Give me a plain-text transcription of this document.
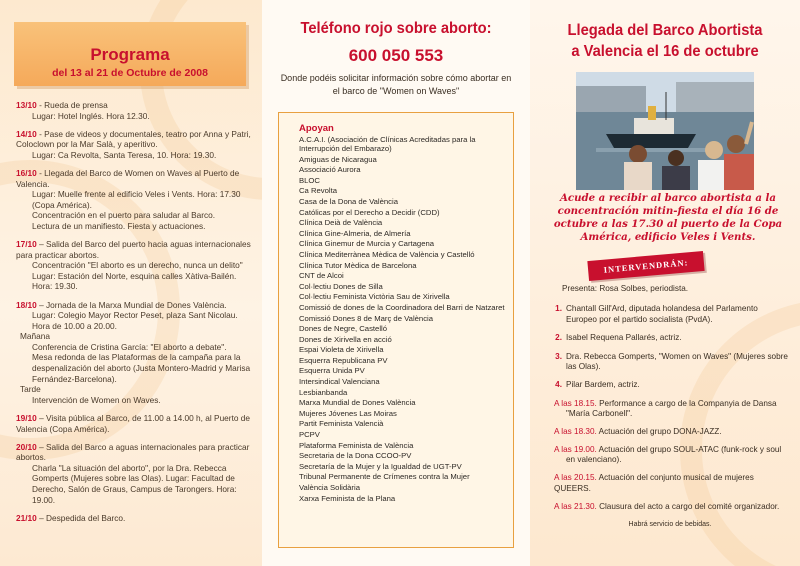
Programa
del 13 al 21 de Octubre de 2008
13/10 - Rueda de prensa
Lugar: Hotel Inglés. Hora 12.30.
14/10 - Pase de videos y documentales, teatro por Anna y Patri, Coloclown por la Mar Salà, y aperitivo.
Lugar: Ca Revolta, Santa Teresa, 10. Hora: 19.30.
16/10 - Llegada del Barco de Women on Waves al Puerto de Valencia.
Lugar: Muelle frente al edificio Veles i Vents. Hora: 17.30 (Copa América).
Concentración en el puerto para saludar al Barco.
Lectura de un manifiesto. Fiesta y actuaciones.
17/10 – Salida del Barco del puerto hacia aguas internacionales para practicar abortos.
Concentración "El aborto es un derecho, nunca un delito"
Lugar: Estación del Norte, esquina calles Xàtiva-Bailén.
Hora: 19.30.
18/10 – Jornada de la Marxa Mundial de Dones València.
Lugar: Colegio Mayor Rector Peset, plaza Sant Nicolau.
Hora de 10.00 a 20.00.
Mañana
Conferencia de Cristina García: "El aborto a debate".
Mesa redonda de las Plataformas de la campaña para la despenalización del aborto (Justa Montero-Madrid y Marisa Fernández-Barcelona).
Tarde
Intervención de Women on Waves.
19/10 – Visita pública al Barco, de 11.00 a 14.00 h, al Puerto de Valencia (Copa América).
20/10 – Salida del Barco a aguas internacionales para practicar abortos.
Charla "La situación del aborto", por la Dra. Rebecca Gomperts (Mujeres sobre las Olas). Lugar: Facultad de Derecho, Salón de Graus, Campus de Tarongers. Hora: 19.00.
21/10 – Despedida del Barco.
Teléfono rojo sobre aborto:
600 050 553
Donde podéis solicitar información sobre cómo abortar en el barco de "Women on Waves"
Apoyan
A.C.A.I. (Asociación de Clínicas Acreditadas para la Interrupción del Embarazo)
Amiguas de Nicaragua
Associació Aurora
BLOC
Ca Revolta
Casa de la Dona de València
Católicas por el Derecho a Decidir (CDD)
Clínica Deià de València
Clínica Gine-Almeria, de Almería
Clínica Ginemur de Murcia y Cartagena
Clínica Mediterrànea Mèdica de València y Castelló
Clínica Tutor Mèdica de Barcelona
CNT de Alcoi
Col·lectiu Dones de Silla
Col·lectiu Feminista Victòria Sau de Xirivella
Comissió de dones de la Coordinadora del Barri de Natzaret
Comissió Dones 8 de Març de València
Dones de Negre, Castelló
Dones de Xirivella en acció
Espai Violeta de Xirivella
Esquerra Republicana PV
Esquerra Unida PV
Intersindical Valenciana
Lesbianbanda
Marxa Mundial de Dones València
Mujeres Jóvenes Las Moiras
Partit Feminista Valencià
PCPV
Plataforma Feminista de València
Secretaria de la Dona CCOO-PV
Secretaría de la Mujer y la Igualdad de UGT-PV
Tribunal Permanente de Crímenes contra la Mujer
València Solidària
Xarxa Feminista de la Plana
Llegada del Barco Abortista
a Valencia el 16 de octubre
Acude a recibir al barco abortista a la concentración mitin-fiesta el día 16 de octubre a las 17.30 al puerto de la Copa América, edificio Veles i Vents.
INTERVENDRÁN:
Presenta: Rosa Solbes, periodista.
1. Chantall Gill'Ard, diputada holandesa del Parlamento Europeo por el partido socialista (PvdA).
2. Isabel Requena Pallarés, actriz.
3. Dra. Rebecca Gomperts, "Women on Waves" (Mujeres sobre las Olas).
4. Pilar Bardem, actriz.
A las 18.15. Performance a cargo de la Companyia de Dansa
"María Carbonell".
A las 18.30. Actuación del grupo DONA-JAZZ.
A las 19.00. Actuación del grupo SOUL-ATAC (funk-rock y soul
en valenciano).
A las 20.15. Actuación del conjunto musical de mujeres QUEERS.
A las 21.30. Clausura del acto a cargo del comité organizador.
Habrá servicio de bebidas.
